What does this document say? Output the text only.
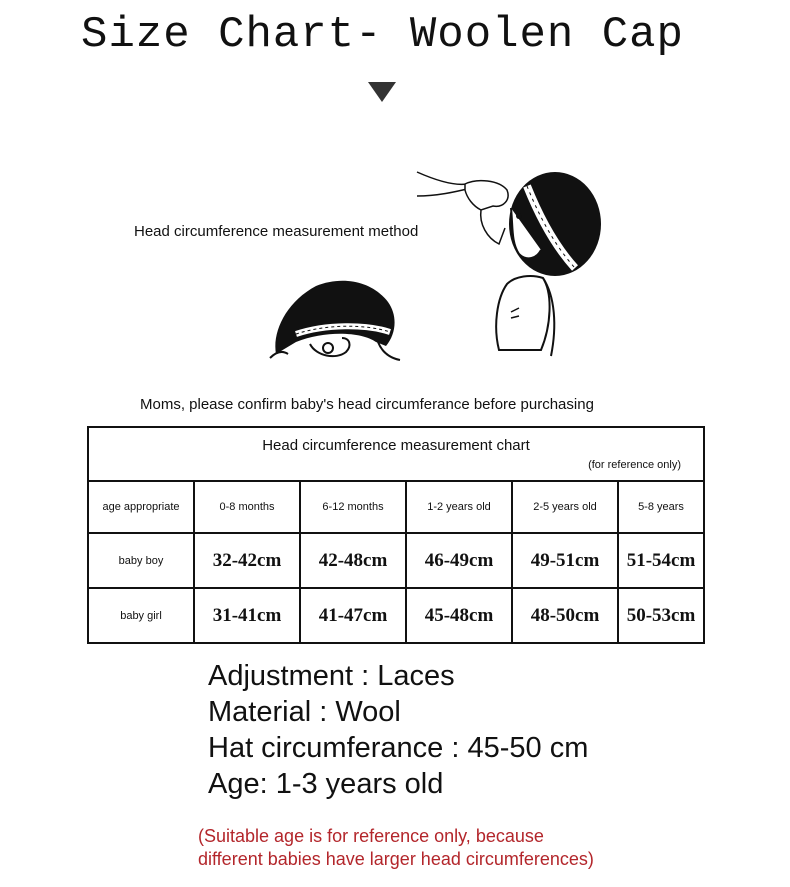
Size Chart- Woolen Cap
Head circumference measurement method
Moms, please confirm baby's head circumferance before purchasing
Head circumference measurement chart
(for reference only)					

age appropriate	0-8 months	6-12 months	1-2 years old	2-5 years old	5-8 years
baby boy	32-42cm	42-48cm	46-49cm	49-51cm	51-54cm
baby girl	31-41cm	41-47cm	45-48cm	48-50cm	50-53cm
Adjustment : Laces
Material : Wool
Hat circumferance : 45-50 cm
Age: 1-3 years old
(Suitable age is for reference only, because
different babies have larger head circumferences)
